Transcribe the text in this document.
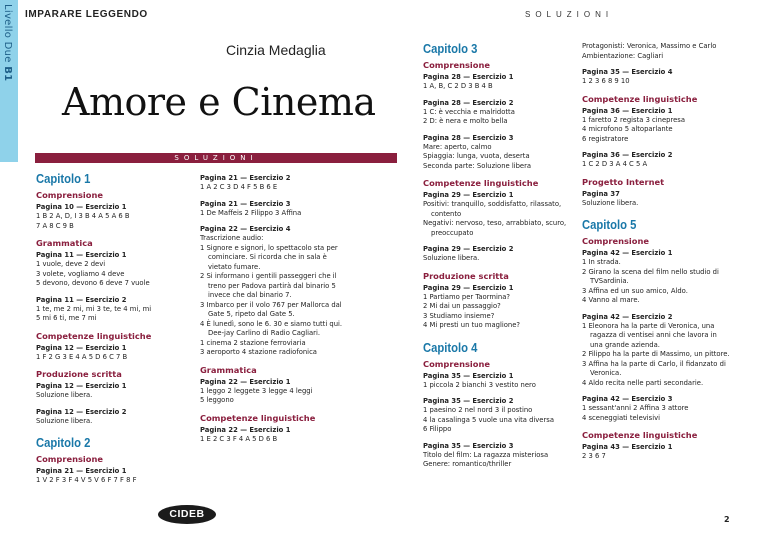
Livello Due B1
IMPARARE LEGGENDO	SOLUZIONI
Cinzia Medaglia
Amore e Cinema
SOLUZIONI
Capitolo 1
Comprensione
Pagina 10 — Esercizio 1
1 B 2 A, D, I 3 B 4 A 5 A 6 B
7 A 8 C 9 B
Grammatica
Pagina 11 — Esercizio 1
1 vuole, deve 2 devi
3 volete, vogliamo 4 deve
5 devono, devono 6 deve 7 vuole
Pagina 11 — Esercizio 2
1 te, me 2 mi, mi 3 te, te 4 mi, mi
5 mi 6 ti, me 7 mi
Competenze linguistiche
Pagina 12 — Esercizio 1
1 F 2 G 3 E 4 A 5 D 6 C 7 B
Produzione scritta
Pagina 12 — Esercizio 1
Soluzione libera.
Pagina 12 — Esercizio 2
Soluzione libera.
Capitolo 2
Comprensione
Pagina 21 — Esercizio 1
1 V 2 F 3 F 4 V 5 V 6 F 7 F 8 F
Pagina 21 — Esercizio 2
1 A 2 C 3 D 4 F 5 B 6 E
Pagina 21 — Esercizio 3
1 De Maffeis 2 Filippo 3 Affina
Pagina 22 — Esercizio 4
Trascrizione audio:
1 Signore e signori, lo spettacolo sta per cominciare. Si ricorda che in sala è vietato fumare.
2 Si informano i gentili passeggeri che il treno per Padova partirà dal binario 5 invece che dal binario 7.
3 Imbarco per il volo 767 per Mallorca dal Gate 5, ripeto dal Gate 5.
4 È lunedì, sono le 6. 30 e siamo tutti qui. Dee-jay Carlino di Radio Cagliari.
1 cinema 2 stazione ferroviaria
3 aeroporto 4 stazione radiofonica
Grammatica
Pagina 22 — Esercizio 1
1 leggo 2 leggete 3 legge 4 leggi
5 leggono
Competenze linguistiche
Pagina 22 — Esercizio 1
1 E 2 C 3 F 4 A 5 D 6 B
Capitolo 3
Comprensione
Pagina 28 — Esercizio 1
1 A, B, C 2 D 3 B 4 B
Pagina 28 — Esercizio 2
1 C: è vecchia e malridotta
2 D: è nera e molto bella
Pagina 28 — Esercizio 3
Mare: aperto, calmo
Spiaggia: lunga, vuota, deserta
Seconda parte: Soluzione libera
Competenze linguistiche
Pagina 29 — Esercizio 1
Positivi: tranquillo, soddisfatto, rilassato, contento
Negativi: nervoso, teso, arrabbiato, scuro, preoccupato
Pagina 29 — Esercizio 2
Soluzione libera.
Produzione scritta
Pagina 29 — Esercizio 1
1 Partiamo per Taormina?
2 Mi dai un passaggio?
3 Studiamo insieme?
4 Mi presti un tuo maglione?
Capitolo 4
Comprensione
Pagina 35 — Esercizio 1
1 piccola 2 bianchi 3 vestito nero
Pagina 35 — Esercizio 2
1 paesino 2 nel nord 3 il postino
4 la casalinga 5 vuole una vita diversa
6 Filippo
Pagina 35 — Esercizio 3
Titolo del film: La ragazza misteriosa
Genere: romantico/thriller
Protagonisti: Veronica, Massimo e Carlo
Ambientazione: Cagliari
Pagina 35 — Esercizio 4
1 2 3 6 8 9 10
Competenze linguistiche
Pagina 36 — Esercizio 1
1 faretto 2 regista 3 cinepresa
4 microfono 5 altoparlante
6 registratore
Pagina 36 — Esercizio 2
1 C 2 D 3 A 4 C 5 A
Progetto Internet
Pagina 37
Soluzione libera.
Capitolo 5
Comprensione
Pagina 42 — Esercizio 1
1 In strada.
2 Girano la scena del film nello studio di TVSardinia.
3 Affina ed un suo amico, Aldo.
4 Vanno al mare.
Pagina 42 — Esercizio 2
1 Eleonora ha la parte di Veronica, una ragazza di ventisei anni che lavora in una grande azienda.
2 Filippo ha la parte di Massimo, un pittore.
3 Affina ha la parte di Carlo, il fidanzato di Veronica.
4 Aldo recita nelle parti secondarie.
Pagina 42 — Esercizio 3
1 sessant'anni 2 Affina 3 attore
4 sceneggiati televisivi
Competenze linguistiche
Pagina 43 — Esercizio 1
2 3 6 7
CIDEB	2
